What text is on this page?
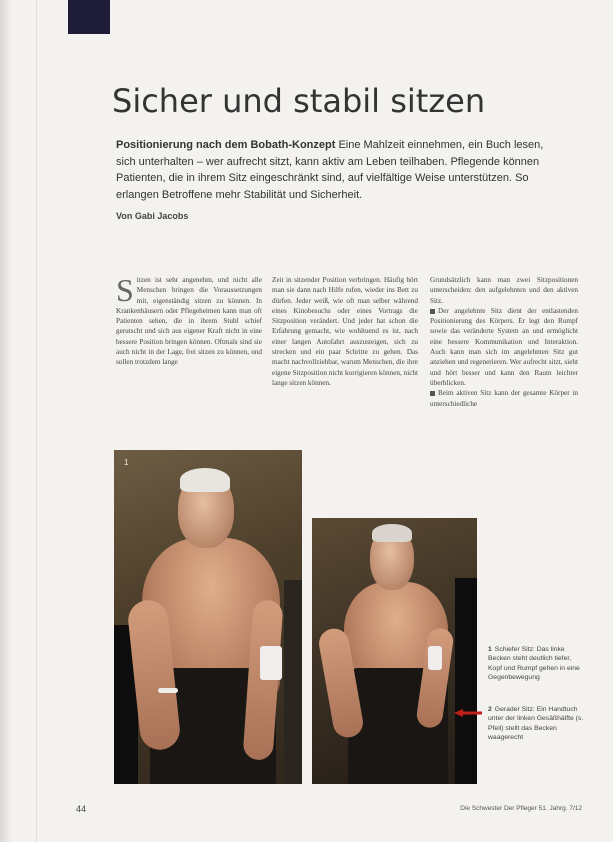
Sicher und stabil sitzen

Positionierung nach dem Bobath-Konzept Eine Mahlzeit einnehmen, ein Buch lesen, sich unterhalten – wer aufrecht sitzt, kann aktiv am Leben teilhaben. Pflegende können Patienten, die in ihrem Sitz eingeschränkt sind, auf vielfältige Weise unterstützen. So erlangen Betroffene mehr Stabilität und Sicherheit.

Von Gabi Jacobs

Sitzen ist sehr angenehm, und nicht alle Menschen bringen die Voraussetzungen mit, eigenständig sitzen zu können. In Krankenhäusern oder Pflegeheimen kann man oft Patienten sehen, die in ihrem Stuhl schief gerutscht und sich aus eigener Kraft nicht in eine bessere Position bringen können. Oftmals sind sie auch nicht in der Lage, frei sitzen zu können, und sollen trotzdem lange

Zeit in sitzender Position verbringen. Häufig hört man sie dann nach Hilfe rufen, wieder ins Bett zu dürfen. Jeder weiß, wie oft man selber während eines Kinobesuchs oder eines Vortrags die Sitzposition verändert. Und jeder hat schon die Erfahrung gemacht, wie wohltuend es ist, nach einer langen Autofahrt auszusteigen, sich zu strecken und ein paar Schritte zu gehen. Das macht nachvollziehbar, warum Menschen, die ihre eigene Sitzposition nicht korrigieren können, nicht lange sitzen können.

Grundsätzlich kann man zwei Sitzpositionen unterscheiden: den aufgelehnten und den aktiven Sitz.
Der angelehnte Sitz dient der entlastenden Positionierung des Körpers. Er legt den Rumpf sowie das veränderte System an und ermöglicht eine bessere Kommunikation und Interaktion. Auch kann man sich im angelehnten Sitz gut anziehen und regenerieren. Wer aufrecht sitzt, sieht und hört besser und kann den Raum leichter überblicken.
Beim aktiven Sitz kann der gesamte Körper in unterschiedliche
1

1 Schiefer Sitz: Das linke Becken steht deutlich tiefer, Kopf und Rumpf gehen in eine Gegenbewegung

2 Gerader Sitz: Ein Handtuch unter der linken Gesäßhälfte (s. Pfeil) stellt das Becken waagerecht

44	Die Schwester Der Pfleger 51. Jahrg. 7/12
